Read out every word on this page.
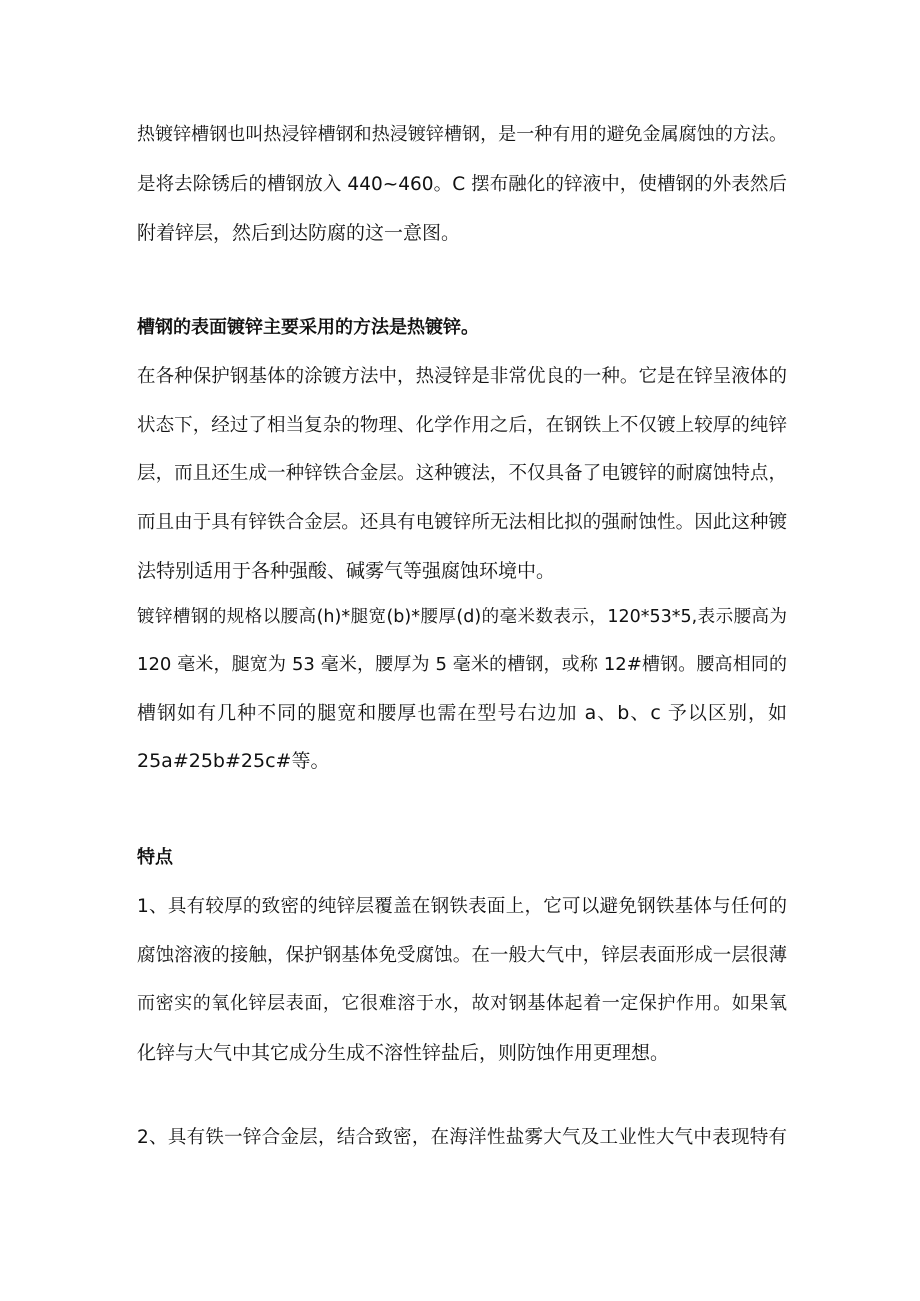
热镀锌槽钢也叫热浸锌槽钢和热浸镀锌槽钢，是一种有用的避免金属腐蚀的方法。
是将去除锈后的槽钢放入 440~460。C 摆布融化的锌液中，使槽钢的外表然后
附着锌层，然后到达防腐的这一意图。
槽钢的表面镀锌主要采用的方法是热镀锌。
在各种保护钢基体的涂镀方法中，热浸锌是非常优良的一种。它是在锌呈液体的
状态下，经过了相当复杂的物理、化学作用之后，在钢铁上不仅镀上较厚的纯锌
层，而且还生成一种锌铁合金层。这种镀法，不仅具备了电镀锌的耐腐蚀特点，
而且由于具有锌铁合金层。还具有电镀锌所无法相比拟的强耐蚀性。因此这种镀
法特别适用于各种强酸、碱雾气等强腐蚀环境中。
镀锌槽钢的规格以腰高(h)*腿宽(b)*腰厚(d)的毫米数表示，120*53*5,表示腰高为
120 毫米，腿宽为 53 毫米，腰厚为 5 毫米的槽钢，或称 12#槽钢。腰高相同的
槽钢如有几种不同的腿宽和腰厚也需在型号右边加 a、b、c 予以区别，如
25a#25b#25c#等。
特点
1、具有较厚的致密的纯锌层覆盖在钢铁表面上，它可以避免钢铁基体与任何的
腐蚀溶液的接触，保护钢基体免受腐蚀。在一般大气中，锌层表面形成一层很薄
而密实的氧化锌层表面，它很难溶于水，故对钢基体起着一定保护作用。如果氧
化锌与大气中其它成分生成不溶性锌盐后，则防蚀作用更理想。
2、具有铁一锌合金层，结合致密，在海洋性盐雾大气及工业性大气中表现特有
